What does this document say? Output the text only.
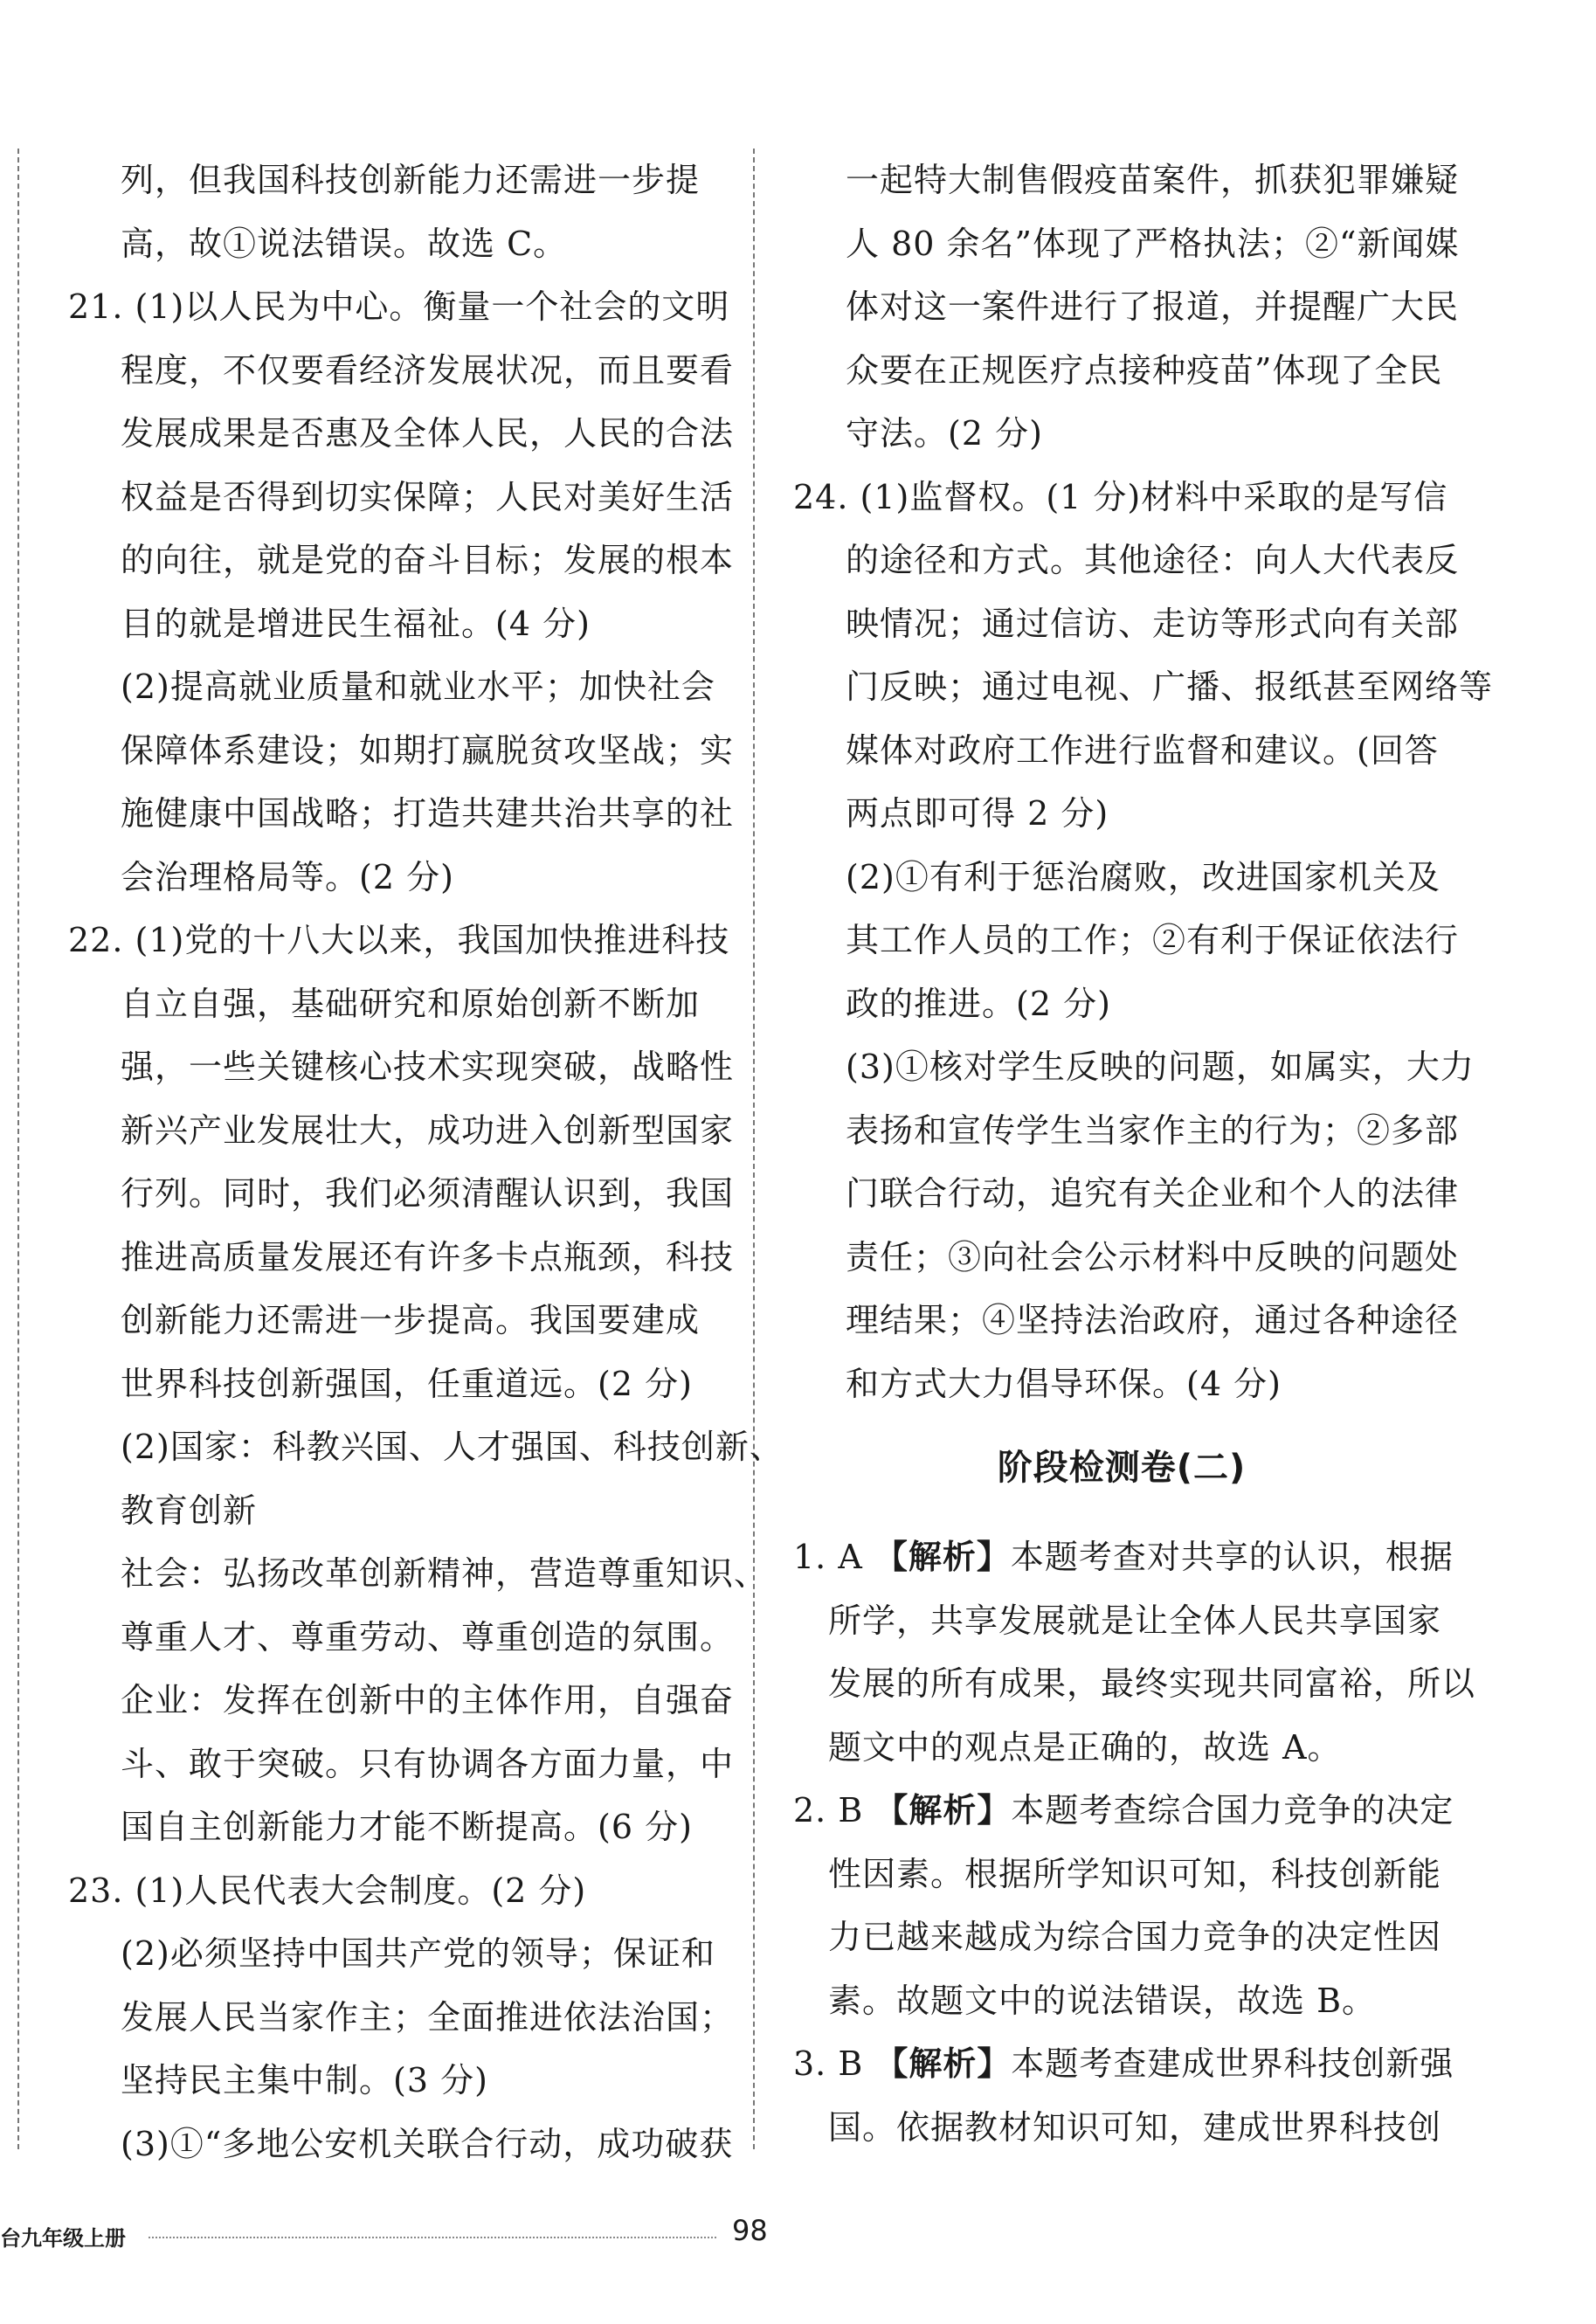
列，但我国科技创新能力还需进一步提
高，故①说法错误。故选 C。
21. (1)以人民为中心。衡量一个社会的文明
程度，不仅要看经济发展状况，而且要看
发展成果是否惠及全体人民，人民的合法
权益是否得到切实保障；人民对美好生活
的向往，就是党的奋斗目标；发展的根本
目的就是增进民生福祉。(4 分)
(2)提高就业质量和就业水平；加快社会
保障体系建设；如期打赢脱贫攻坚战；实
施健康中国战略；打造共建共治共享的社
会治理格局等。(2 分)
22. (1)党的十八大以来，我国加快推进科技
自立自强，基础研究和原始创新不断加
强，一些关键核心技术实现突破，战略性
新兴产业发展壮大，成功进入创新型国家
行列。同时，我们必须清醒认识到，我国
推进高质量发展还有许多卡点瓶颈，科技
创新能力还需进一步提高。我国要建成
世界科技创新强国，任重道远。(2 分)
(2)国家：科教兴国、人才强国、科技创新、
教育创新
社会：弘扬改革创新精神，营造尊重知识、
尊重人才、尊重劳动、尊重创造的氛围。
企业：发挥在创新中的主体作用，自强奋
斗、敢于突破。只有协调各方面力量，中
国自主创新能力才能不断提高。(6 分)
23. (1)人民代表大会制度。(2 分)
(2)必须坚持中国共产党的领导；保证和
发展人民当家作主；全面推进依法治国；
坚持民主集中制。(3 分)
(3)①“多地公安机关联合行动，成功破获
一起特大制售假疫苗案件，抓获犯罪嫌疑
人 80 余名”体现了严格执法；②“新闻媒
体对这一案件进行了报道，并提醒广大民
众要在正规医疗点接种疫苗”体现了全民
守法。(2 分)
24. (1)监督权。(1 分)材料中采取的是写信
的途径和方式。其他途径：向人大代表反
映情况；通过信访、走访等形式向有关部
门反映；通过电视、广播、报纸甚至网络等
媒体对政府工作进行监督和建议。(回答
两点即可得 2 分)
(2)①有利于惩治腐败，改进国家机关及
其工作人员的工作；②有利于保证依法行
政的推进。(2 分)
(3)①核对学生反映的问题，如属实，大力
表扬和宣传学生当家作主的行为；②多部
门联合行动，追究有关企业和个人的法律
责任；③向社会公示材料中反映的问题处
理结果；④坚持法治政府，通过各种途径
和方式大力倡导环保。(4 分)
阶段检测卷(二)
1. A 【解析】本题考查对共享的认识，根据
所学，共享发展就是让全体人民共享国家
发展的所有成果，最终实现共同富裕，所以
题文中的观点是正确的，故选 A。
2. B 【解析】本题考查综合国力竞争的决定
性因素。根据所学知识可知，科技创新能
力已越来越成为综合国力竞争的决定性因
素。故题文中的说法错误，故选 B。
3. B 【解析】本题考查建成世界科技创新强
国。依据教材知识可知，建成世界科技创
台九年级上册	98
